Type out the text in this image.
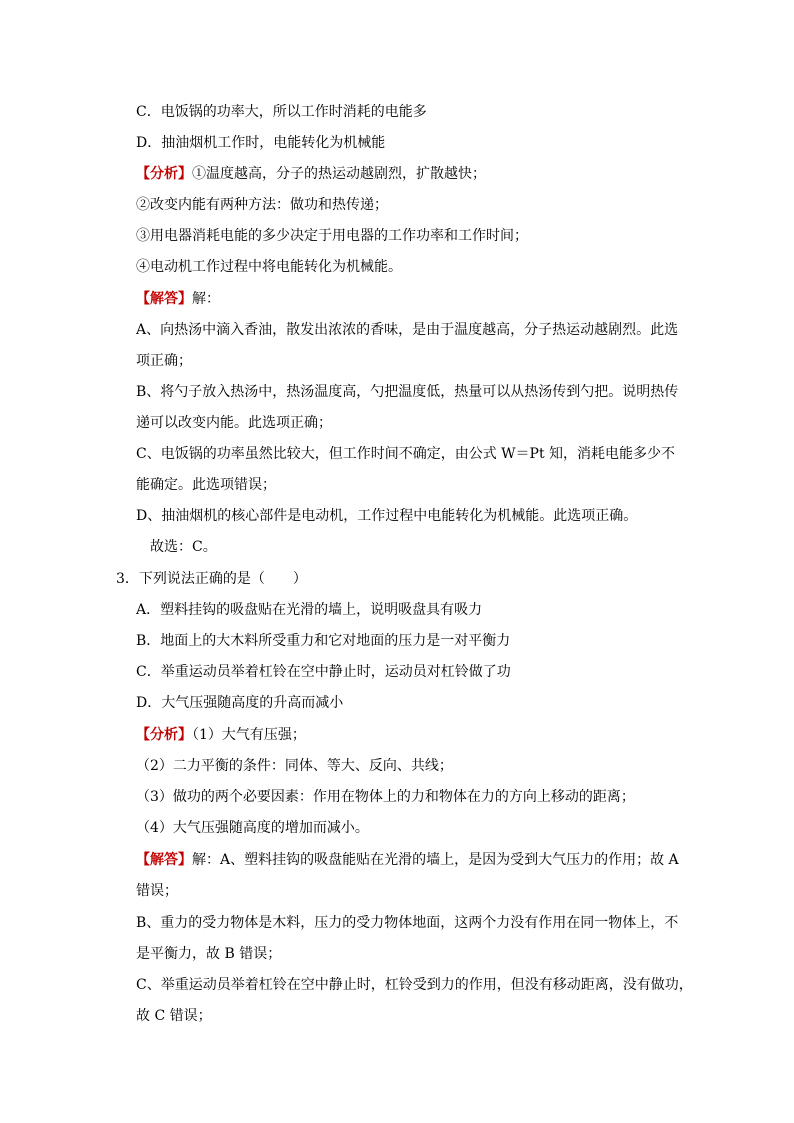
C．电饭锅的功率大，所以工作时消耗的电能多
D．抽油烟机工作时，电能转化为机械能
【分析】①温度越高，分子的热运动越剧烈，扩散越快；
②改变内能有两种方法：做功和热传递；
③用电器消耗电能的多少决定于用电器的工作功率和工作时间；
④电动机工作过程中将电能转化为机械能。
【解答】解：
A、向热汤中滴入香油，散发出浓浓的香味，是由于温度越高，分子热运动越剧烈。此选
项正确；
B、将勺子放入热汤中，热汤温度高，勺把温度低，热量可以从热汤传到勺把。说明热传
递可以改变内能。此选项正确；
C、电饭锅的功率虽然比较大，但工作时间不确定，由公式 W＝Pt 知，消耗电能多少不
能确定。此选项错误；
D、抽油烟机的核心部件是电动机，工作过程中电能转化为机械能。此选项正确。
故选：C。
3．下列说法正确的是（　　）
A．塑料挂钩的吸盘贴在光滑的墙上，说明吸盘具有吸力
B．地面上的大木料所受重力和它对地面的压力是一对平衡力
C．举重运动员举着杠铃在空中静止时，运动员对杠铃做了功
D．大气压强随高度的升高而减小
【分析】（1）大气有压强；
（2）二力平衡的条件：同体、等大、反向、共线；
（3）做功的两个必要因素：作用在物体上的力和物体在力的方向上移动的距离；
（4）大气压强随高度的增加而减小。
【解答】解：A、塑料挂钩的吸盘能贴在光滑的墙上，是因为受到大气压力的作用；故 A
错误；
B、重力的受力物体是木料，压力的受力物体地面，这两个力没有作用在同一物体上，不
是平衡力，故 B 错误；
C、举重运动员举着杠铃在空中静止时，杠铃受到力的作用，但没有移动距离，没有做功，
故 C 错误；
